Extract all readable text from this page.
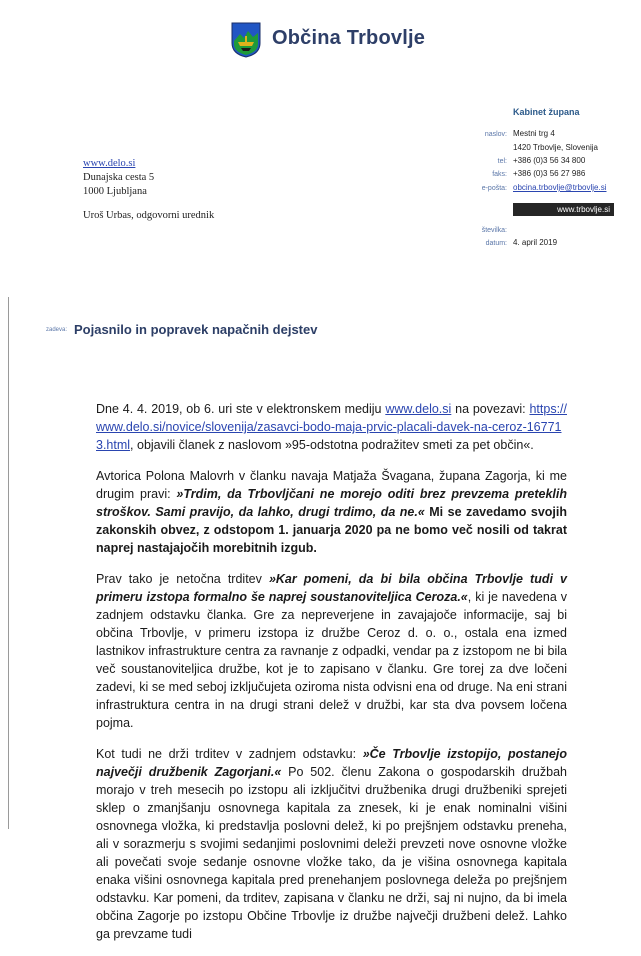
Občina Trbovlje
Kabinet župana
naslov: Mestni trg 4
1420 Trbovlje, Slovenija
tel: +386 (0)3 56 34 800
faks: +386 (0)3 56 27 986
e-pošta: obcina.trbovlje@trbovlje.si
www.trbovlje.si
številka:
datum: 4. april 2019
www.delo.si
Dunajska cesta 5
1000 Ljubljana
Uroš Urbas, odgovorni urednik
zadeva: Pojasnilo in popravek napačnih dejstev

Dne 4. 4. 2019, ob 6. uri ste v elektronskem mediju www.delo.si na povezavi: https://www.delo.si/novice/slovenija/zasavci-bodo-maja-prvic-placali-davek-na-ceroz-167713.html, objavili članek z naslovom »95-odstotna podražitev smeti za pet občin«.

Avtorica Polona Malovrh v članku navaja Matjaža Švagana, župana Zagorja, ki me drugim pravi: »Trdim, da Trbovljčani ne morejo oditi brez prevzema preteklih stroškov. Sami pravijo, da lahko, drugi trdimo, da ne.« Mi se zavedamo svojih zakonskih obvez, z odstopom 1. januarja 2020 pa ne bomo več nosili od takrat naprej nastajajočih morebitnih izgub.

Prav tako je netočna trditev »Kar pomeni, da bi bila občina Trbovlje tudi v primeru izstopa formalno še naprej soustanoviteljica Ceroza.«, ki je navedena v zadnjem odstavku članka. Gre za nepreverjene in zavajajoče informacije, saj bi občina Trbovlje, v primeru izstopa iz družbe Ceroz d. o. o., ostala ena izmed lastnikov infrastrukture centra za ravnanje z odpadki, vendar pa z izstopom ne bi bila več soustanoviteljica družbe, kot je to zapisano v članku. Gre torej za dve ločeni zadevi, ki se med seboj izključujeta oziroma nista odvisni ena od druge. Na eni strani infrastruktura centra in na drugi strani delež v družbi, kar sta dva povsem ločena pojma.

Kot tudi ne drži trditev v zadnjem odstavku: »Če Trbovlje izstopijo, postanejo največji družbenik Zagorjani.« Po 502. členu Zakona o gospodarskih družbah morajo v treh mesecih po izstopu ali izključitvi družbenika drugi družbeniki sprejeti sklep o zmanjšanju osnovnega kapitala za znesek, ki je enak nominalni višini osnovnega vložka, ki predstavlja poslovni delež, ki po prejšnjem odstavku preneha, ali v sorazmerju s svojimi sedanjimi poslovnimi deleži prevzeti nove osnovne vložke ali povečati svoje sedanje osnovne vložke tako, da je višina osnovnega kapitala enaka višini osnovnega kapitala pred prenehanjem poslovnega deleža po prejšnjem odstavku. Kar pomeni, da trditev, zapisana v članku ne drži, saj ni nujno, da bi imela občina Zagorje po izstopu Občine Trbovlje iz družbe največji družbeni delež. Lahko ga prevzame tudi
